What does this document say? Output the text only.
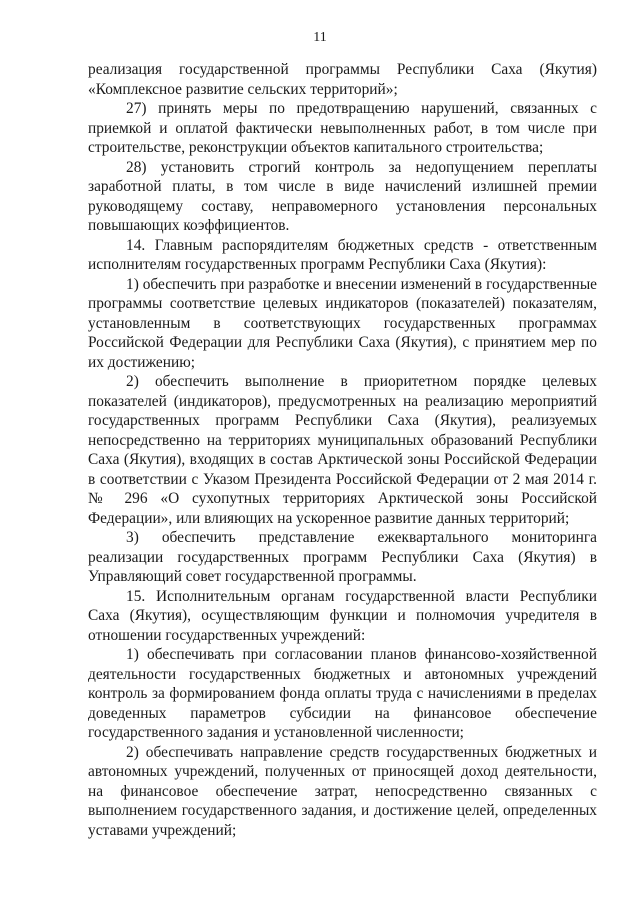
11

реализация государственной программы Республики Саха (Якутия) «Комплексное развитие сельских территорий»;

27) принять меры по предотвращению нарушений, связанных с приемкой и оплатой фактически невыполненных работ, в том числе при строительстве, реконструкции объектов капитального строительства;

28) установить строгий контроль за недопущением переплаты заработной платы, в том числе в виде начислений излишней премии руководящему составу, неправомерного установления персональных повышающих коэффициентов.

14. Главным распорядителям бюджетных средств - ответственным исполнителям государственных программ Республики Саха (Якутия):

1) обеспечить при разработке и внесении изменений в государственные программы соответствие целевых индикаторов (показателей) показателям, установленным в соответствующих государственных программах Российской Федерации для Республики Саха (Якутия), с принятием мер по их достижению;

2) обеспечить выполнение в приоритетном порядке целевых показателей (индикаторов), предусмотренных на реализацию мероприятий государственных программ Республики Саха (Якутия), реализуемых непосредственно на территориях муниципальных образований Республики Саха (Якутия), входящих в состав Арктической зоны Российской Федерации в соответствии с Указом Президента Российской Федерации от 2 мая 2014 г. № 296 «О сухопутных территориях Арктической зоны Российской Федерации», или влияющих на ускоренное развитие данных территорий;

3) обеспечить представление ежеквартального мониторинга реализации государственных программ Республики Саха (Якутия) в Управляющий совет государственной программы.

15. Исполнительным органам государственной власти Республики Саха (Якутия), осуществляющим функции и полномочия учредителя в отношении государственных учреждений:

1) обеспечивать при согласовании планов финансово-хозяйственной деятельности государственных бюджетных и автономных учреждений контроль за формированием фонда оплаты труда с начислениями в пределах доведенных параметров субсидии на финансовое обеспечение государственного задания и установленной численности;

2) обеспечивать направление средств государственных бюджетных и автономных учреждений, полученных от приносящей доход деятельности, на финансовое обеспечение затрат, непосредственно связанных с выполнением государственного задания, и достижение целей, определенных уставами учреждений;
